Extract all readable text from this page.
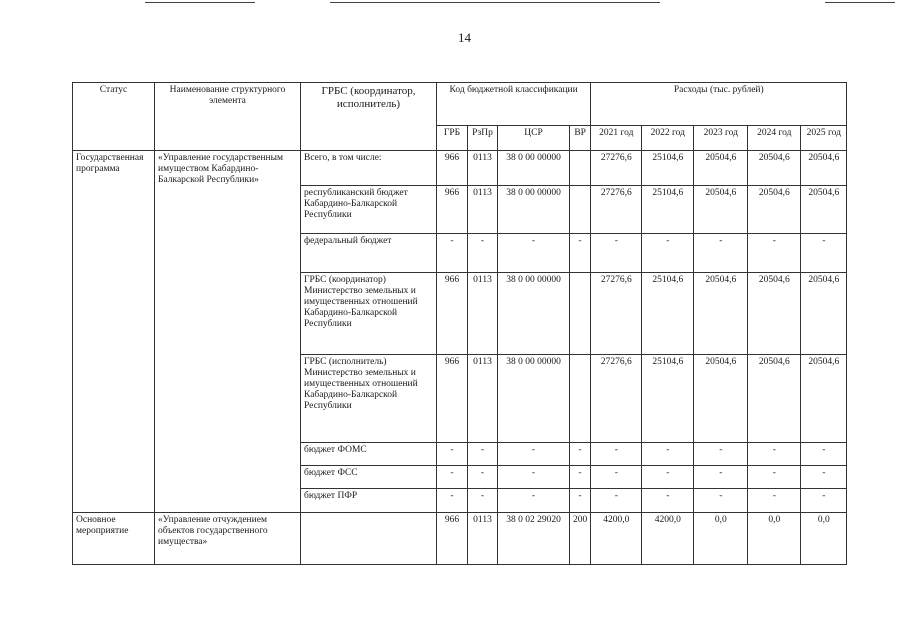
14
Статус	Наименование структурного элемента	ГРБС (координатор, исполнитель)	Код бюджетной классификации				Расходы (тыс. рублей)				
			ГРБ	РзПр	ЦСР	ВР	2021 год	2022 год	2023 год	2024 год	2025 год
Государственная программа	«Управление государственным имуществом Кабардино-Балкарской Республики»	Всего, в том числе:	966	0113	38 0 00 00000		27276,6	25104,6	20504,6	20504,6	20504,6
		республиканский бюджет Кабардино-Балкарской Республики	966	0113	38 0 00 00000		27276,6	25104,6	20504,6	20504,6	20504,6
		федеральный бюджет	-	-	-	-	-	-	-	-	-
		ГРБС (координатор) Министерство земельных и имущественных отношений Кабардино-Балкарской Республики	966	0113	38 0 00 00000		27276,6	25104,6	20504,6	20504,6	20504,6
		ГРБС (исполнитель) Министерство земельных и имущественных отношений Кабардино-Балкарской Республики	966	0113	38 0 00 00000		27276,6	25104,6	20504,6	20504,6	20504,6
		бюджет ФОМС	-	-	-	-	-	-	-	-	-
		бюджет ФСС	-	-	-	-	-	-	-	-	-
		бюджет ПФР	-	-	-	-	-	-	-	-	-
Основное мероприятие	«Управление отчуждением объектов государственного имущества»		966	0113	38 0 02 29020	200	4200,0	4200,0	0,0	0,0	0,0
